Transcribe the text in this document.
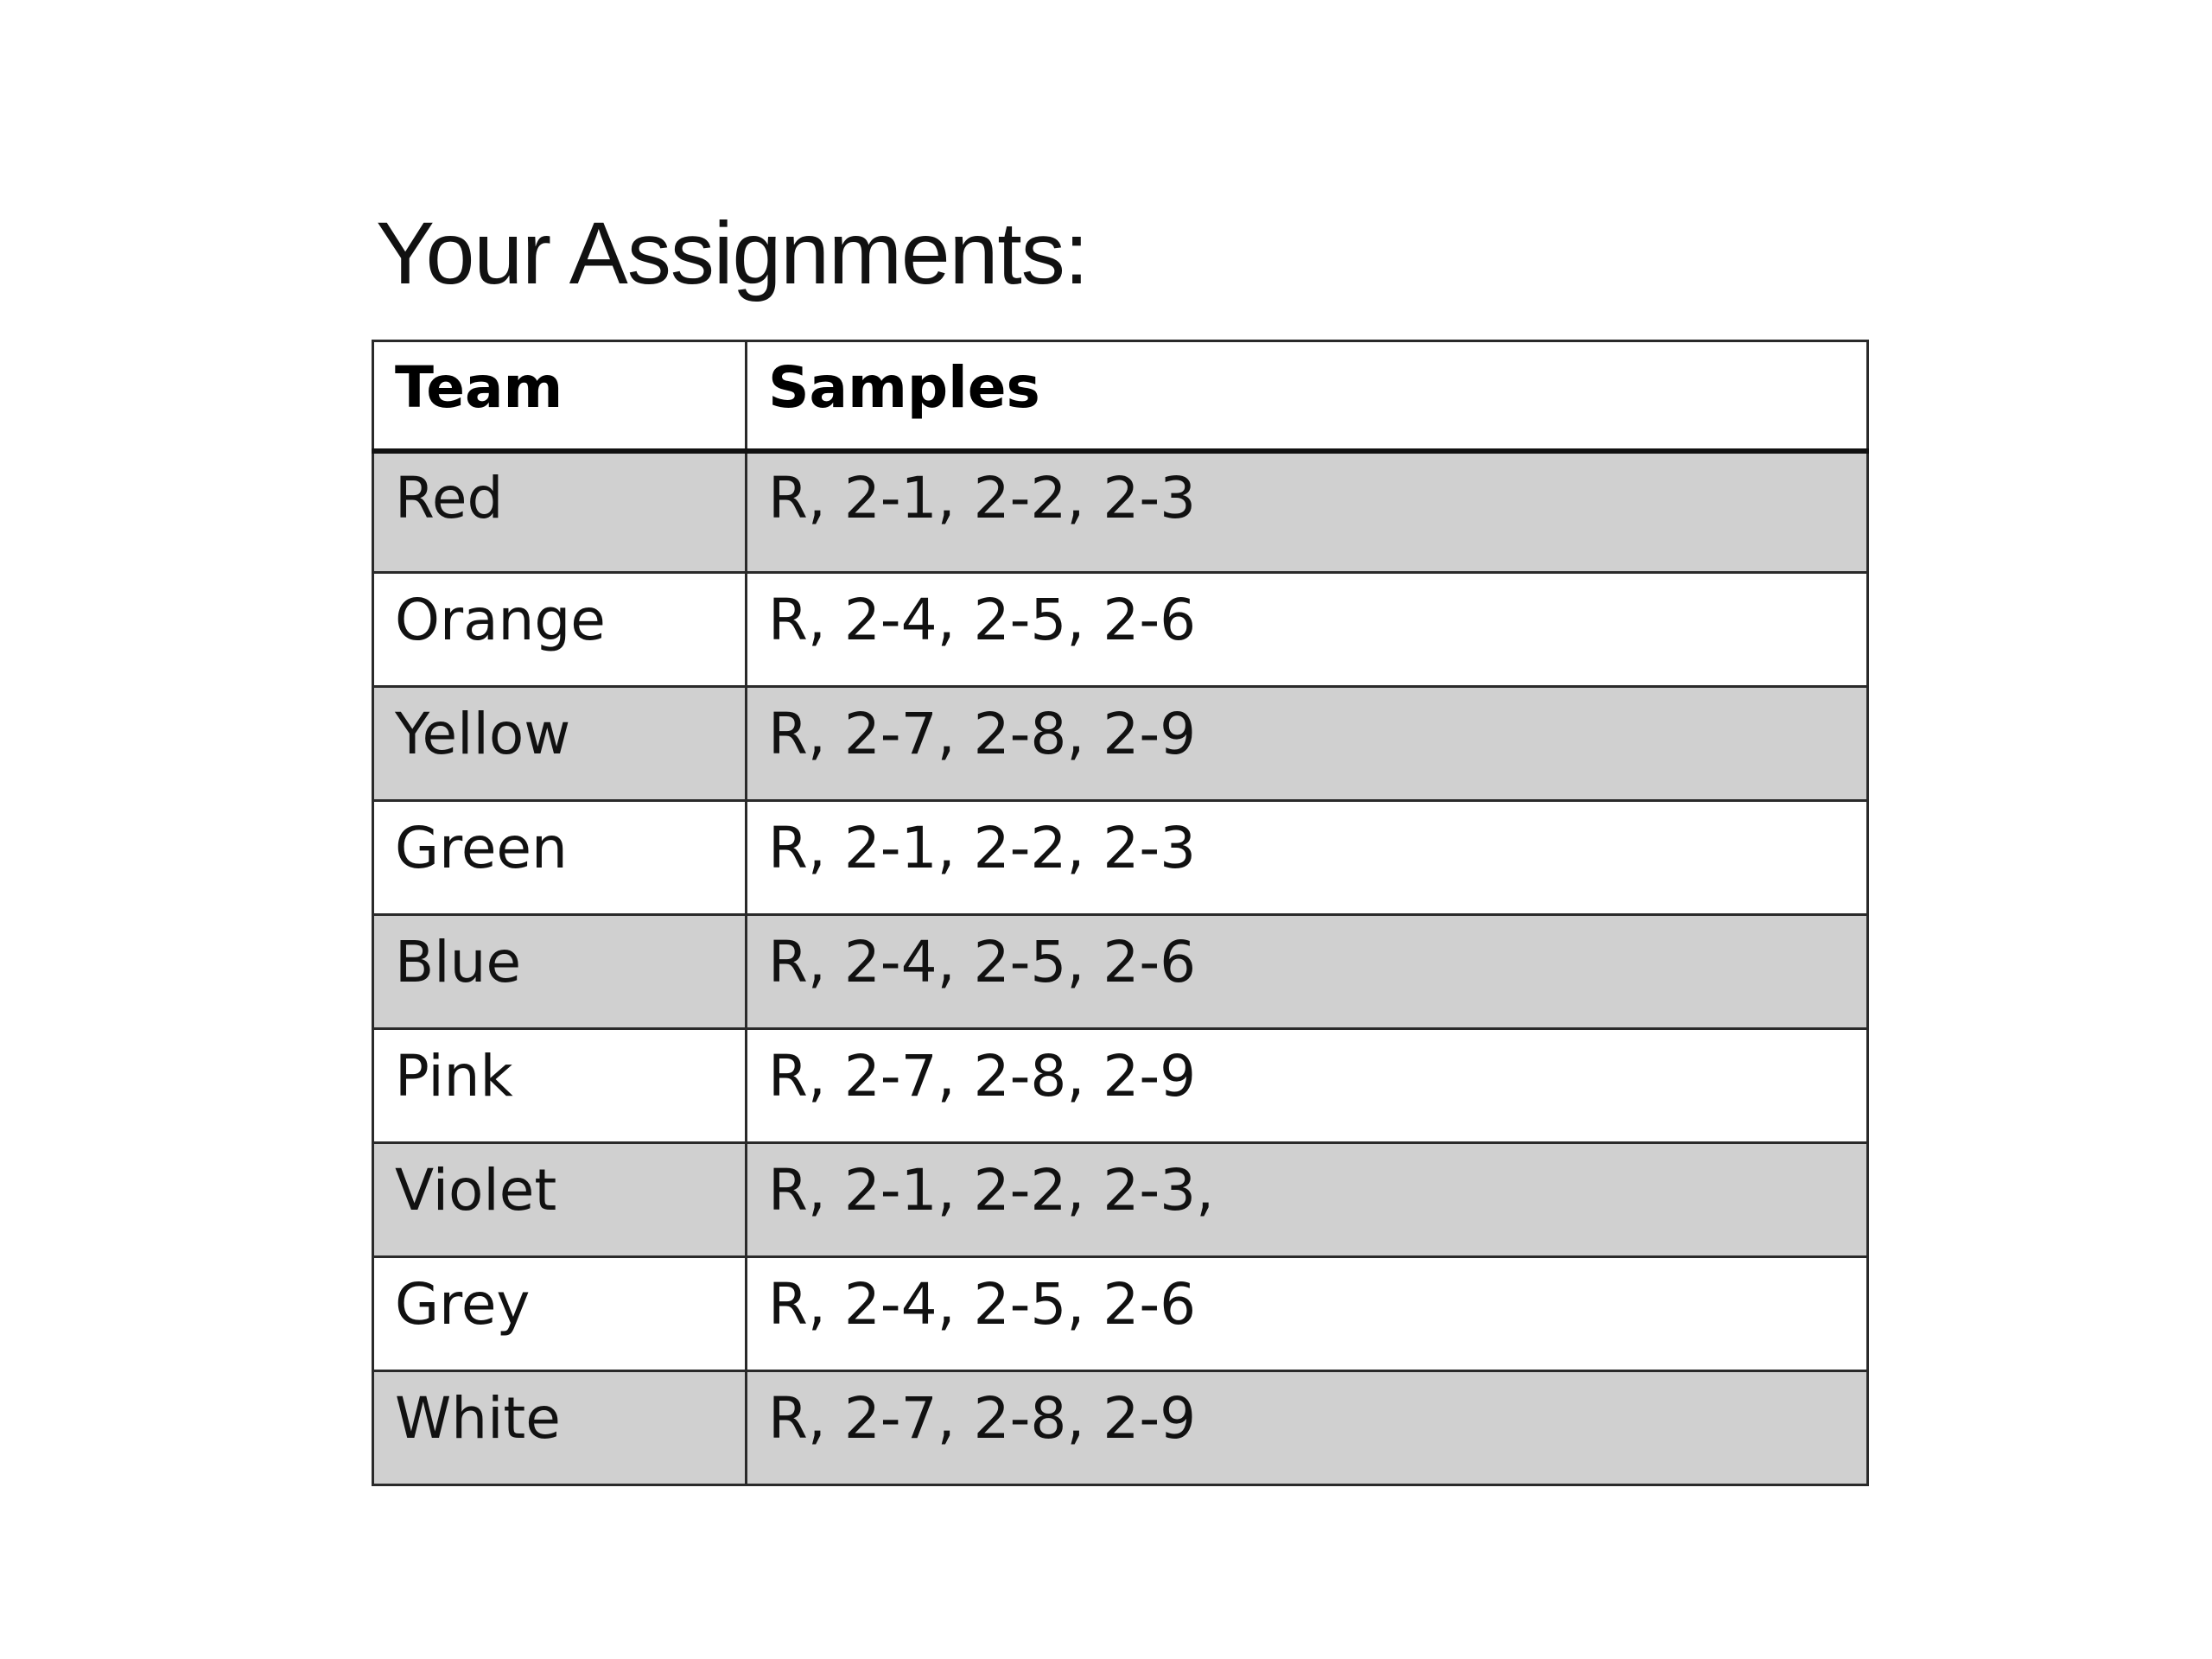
Your Assignments:
Team	Samples
Red	R, 2-1, 2-2, 2-3
Orange	R, 2-4, 2-5, 2-6
Yellow	R, 2-7, 2-8, 2-9
Green	R, 2-1, 2-2, 2-3
Blue	R, 2-4, 2-5, 2-6
Pink	R, 2-7, 2-8, 2-9
Violet	R, 2-1, 2-2, 2-3,
Grey	R, 2-4, 2-5, 2-6
White	R, 2-7, 2-8, 2-9
